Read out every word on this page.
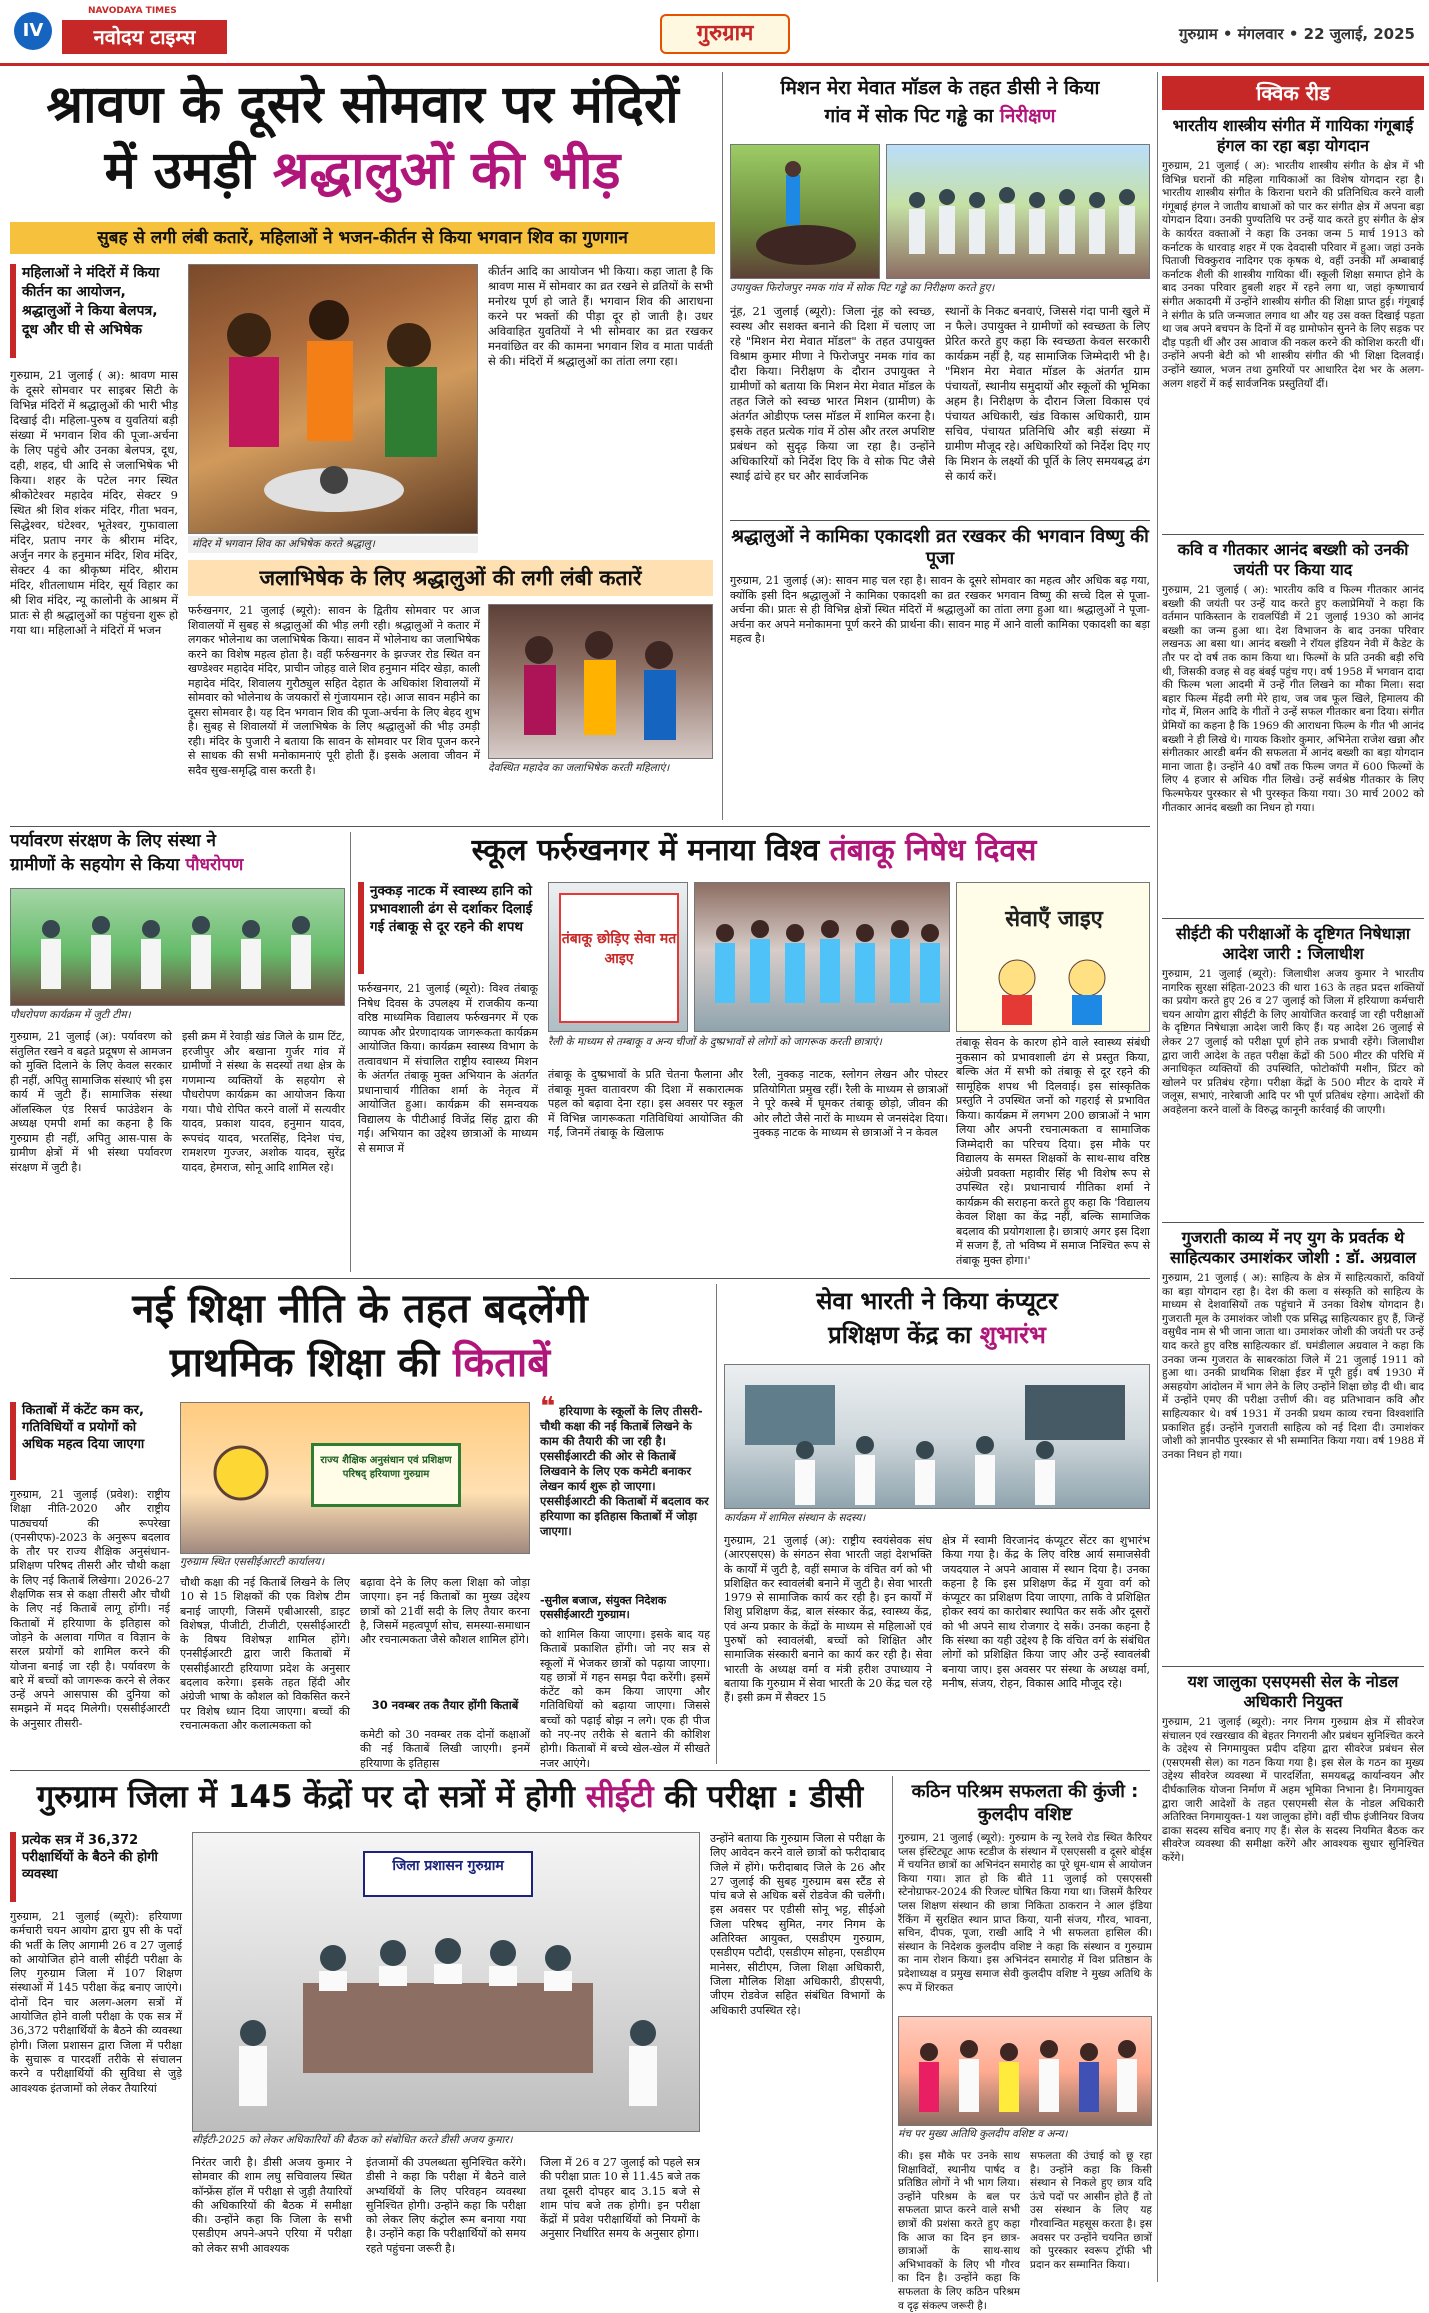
IV
NAVODAYA TIMES
नवोदय टाइम्स	गुरुग्राम	गुरुग्राम • मंगलवार • 22 जुलाई, 2025
श्रावण के दूसरे सोमवार पर मंदिरों
में उमड़ी श्रद्धालुओं की भीड़
सुबह से लगी लंबी कतारें, महिलाओं ने भजन-कीर्तन से किया भगवान शिव का गुणगान
महिलाओं ने मंदिरों में किया कीर्तन का आयोजन, श्रद्धालुओं ने किया बेलपत्र, दूध और घी से अभिषेक
गुरुग्राम, 21 जुलाई ( अ): श्रावण मास के दूसरे सोमवार पर साइबर सिटी के विभिन्न मंदिरों में श्रद्धालुओं की भारी भीड़ दिखाई दी। महिला-पुरुष व युवतियां बड़ी संख्या में भगवान शिव की पूजा-अर्चना के लिए पहुंचे और उनका बेलपत्र, दूध, दही, शहद, घी आदि से जलाभिषेक भी किया। शहर के पटेल नगर स्थित श्रीकोटेश्वर महादेव मंदिर, सेक्टर 9 स्थित श्री शिव शंकर मंदिर, गीता भवन, सिद्धेश्वर, घंटेश्वर, भूतेश्वर, गुफावाला मंदिर, प्रताप नगर के श्रीराम मंदिर, अर्जुन नगर के हनुमान मंदिर, शिव मंदिर, सेक्टर 4 का श्रीकृष्ण मंदिर, श्रीराम मंदिर, शीतलाधाम मंदिर, सूर्य विहार का श्री शिव मंदिर, न्यू कालोनी के आश्रम में प्रातः से ही श्रद्धालुओं का पहुंचना शुरू हो गया था। महिलाओं ने मंदिरों में भजन
मंदिर में भगवान शिव का अभिषेक करते श्रद्धालु।
कीर्तन आदि का आयोजन भी किया। कहा जाता है कि श्रावण मास में सोमवार का व्रत रखने से व्रतियों के सभी मनोरथ पूर्ण हो जाते हैं। भगवान शिव की आराधना करने पर भक्तों की पीड़ा दूर हो जाती है। उधर अविवाहित युवतियों ने भी सोमवार का व्रत रखकर मनवांछित वर की कामना भगवान शिव व माता पार्वती से की। मंदिरों में श्रद्धालुओं का तांता लगा रहा।
जलाभिषेक के लिए श्रद्धालुओं की लगी लंबी कतारें
देवस्थित महादेव का जलाभिषेक करती महिलाएं।
फर्रुखनगर, 21 जुलाई (ब्यूरो): सावन के द्वितीय सोमवार पर आज शिवालयों में सुबह से श्रद्धालुओं की भीड़ लगी रही। श्रद्धालुओं ने कतार में लगकर भोलेनाथ का जलाभिषेक किया। सावन में भोलेनाथ का जलाभिषेक करने का विशेष महत्व होता है। वहीं फर्रुखनगर के झज्जर रोड स्थित वन खण्डेश्वर महादेव मंदिर, प्राचीन जोहड़ वाले शिव हनुमान मंदिर खेड़ा, काली महादेव मंदिर, शिवालय गुरौठ्युल सहित देहात के अधिकांश शिवालयों में सोमवार को भोलेनाथ के जयकारों से गुंजायमान रहे। आज सावन महीने का दूसरा सोमवार है। यह दिन भगवान शिव की पूजा-अर्चना के लिए बेहद शुभ है। सुबह से शिवालयों में जलाभिषेक के लिए श्रद्धालुओं की भीड़ उमड़ी रही। मंदिर के पुजारी ने बताया कि सावन के सोमवार पर शिव पूजन करने से साधक की सभी मनोकामनाएं पूरी होती हैं। इसके अलावा जीवन में सदैव सुख-समृद्धि वास करती है।
मिशन मेरा मेवात मॉडल के तहत डीसी ने किया
गांव में सोक पिट गड्ढे का निरीक्षण
उपायुक्त फिरोजपुर नमक गांव में सोक पिट गड्ढे का निरीक्षण करते हुए।
नूंह, 21 जुलाई (ब्यूरो): जिला नूंह को स्वच्छ, स्वस्थ और सशक्त बनाने की दिशा में चलाए जा रहे "मिशन मेरा मेवात मॉडल" के तहत उपायुक्त विश्राम कुमार मीणा ने फिरोजपुर नमक गांव का दौरा किया। निरीक्षण के दौरान उपायुक्त ने ग्रामीणों को बताया कि मिशन मेरा मेवात मॉडल के तहत जिले को स्वच्छ भारत मिशन (ग्रामीण) के अंतर्गत ओडीएफ प्लस मॉडल में शामिल करना है। इसके तहत प्रत्येक गांव में ठोस और तरल अपशिष्ट प्रबंधन को सुदृढ़ किया जा रहा है। उन्होंने अधिकारियों को निर्देश दिए कि वे सोक पिट जैसे स्थाई ढांचे हर घर और सार्वजनिक
स्थानों के निकट बनवाएं, जिससे गंदा पानी खुले में न फैले। उपायुक्त ने ग्रामीणों को स्वच्छता के लिए प्रेरित करते हुए कहा कि स्वच्छता केवल सरकारी कार्यक्रम नहीं है, यह सामाजिक जिम्मेदारी भी है। "मिशन मेरा मेवात मॉडल के अंतर्गत ग्राम पंचायतों, स्थानीय समुदायों और स्कूलों की भूमिका अहम है। निरीक्षण के दौरान जिला विकास एवं पंचायत अधिकारी, खंड विकास अधिकारी, ग्राम सचिव, पंचायत प्रतिनिधि और बड़ी संख्या में ग्रामीण मौजूद रहे। अधिकारियों को निर्देश दिए गए कि मिशन के लक्ष्यों की पूर्ति के लिए समयबद्ध ढंग से कार्य करें।
श्रद्धालुओं ने कामिका एकादशी व्रत रखकर की भगवान विष्णु की पूजा
गुरुग्राम, 21 जुलाई (अ): सावन माह चल रहा है। सावन के दूसरे सोमवार का महत्व और अधिक बढ़ गया, क्योंकि इसी दिन श्रद्धालुओं ने कामिका एकादशी का व्रत रखकर भगवान विष्णु की सच्चे दिल से पूजा-अर्चना की। प्रातः से ही विभिन्न क्षेत्रों स्थित मंदिरों में श्रद्धालुओं का तांता लगा हुआ था। श्रद्धालुओं ने पूजा-अर्चना कर अपने मनोकामना पूर्ण करने की प्रार्थना की। सावन माह में आने वाली कामिका एकादशी का बड़ा महत्व है।
क्विक रीड
भारतीय शास्त्रीय संगीत में गायिका गंगूबाई हंगल का रहा बड़ा योगदान
गुरुग्राम, 21 जुलाई ( अ): भारतीय शास्त्रीय संगीत के क्षेत्र में भी विभिन्न घरानों की महिला गायिकाओं का विशेष योगदान रहा है। भारतीय शास्त्रीय संगीत के किराना घराने की प्रतिनिधित्व करने वाली गंगूबाई हंगल ने जातीय बाधाओं को पार कर संगीत क्षेत्र में अपना बड़ा योगदान दिया। उनकी पुण्यतिथि पर उन्हें याद करते हुए संगीत के क्षेत्र के कार्यरत वक्ताओं ने कहा कि उनका जन्म 5 मार्च 1913 को कर्नाटक के धारवाड़ शहर में एक देवदासी परिवार में हुआ। जहां उनके पिताजी चिक्कुराव नादिगर एक कृषक थे, वहीं उनकी माँ अम्बाबाई कर्नाटक शैली की शास्त्रीय गायिका थीं। स्कूली शिक्षा समाप्त होने के बाद उनका परिवार हुबली शहर में रहने लगा था, जहां कृष्णाचार्य संगीत अकादमी में उन्होंने शास्त्रीय संगीत की शिक्षा प्राप्त हुई। गंगूबाई ने संगीत के प्रति जन्मजात लगाव था और यह उस वक्त दिखाई पड़ता था जब अपने बचपन के दिनों में वह ग्रामोफोन सुनने के लिए सड़क पर दौड़ पड़ती थीं और उस आवाज की नकल करने की कोशिश करती थीं। उन्होंने अपनी बेटी को भी शास्त्रीय संगीत की भी शिक्षा दिलवाई। उन्होंने ख्याल, भजन तथा ठुमरियों पर आधारित देश भर के अलग-अलग शहरों में कई सार्वजनिक प्रस्तुतियाँ दीं।
कवि व गीतकार आनंद बख्शी को उनकी जयंती पर किया याद
गुरुग्राम, 21 जुलाई ( अ): भारतीय कवि व फिल्म गीतकार आनंद बख्शी की जयंती पर उन्हें याद करते हुए कलाप्रेमियों ने कहा कि वर्तमान पाकिस्तान के रावलपिंडी में 21 जुलाई 1930 को आनंद बख्शी का जन्म हुआ था। देश विभाजन के बाद उनका परिवार लखनऊ आ बसा था। आनंद बख्शी ने रॉयल इंडियन नेवी में कैडेट के तौर पर दो वर्ष तक काम किया था। फिल्मों के प्रति उनकी बड़ी रुचि थी, जिसकी वजह से वह बंबई पहुंच गए। वर्ष 1958 में भगवान दादा की फिल्म भला आदमी में उन्हें गीत लिखने का मौका मिला। सदा बहार फिल्म मेंहदी लगी मेरे हाथ, जब जब फूल खिले, हिमालय की गोद में, मिलन आदि के गीतों ने उन्हें सफल गीतकार बना दिया। संगीत प्रेमियों का कहना है कि 1969 की आराधना फिल्म के गीत भी आनंद बख्शी ने ही लिखे थे। गायक किशोर कुमार, अभिनेता राजेश खन्ना और संगीतकार आरडी बर्मन की सफलता में आनंद बख्शी का बड़ा योगदान माना जाता है। उन्होंने 40 वर्षों तक फिल्म जगत में 600 फिल्मों के लिए 4 हजार से अधिक गीत लिखे। उन्हें सर्वश्रेष्ठ गीतकार के लिए फिल्मफेयर पुरस्कार से भी पुरस्कृत किया गया। 30 मार्च 2002 को गीतकार आनंद बख्शी का निधन हो गया।
सीईटी की परीक्षाओं के दृष्टिगत निषेधाज्ञा आदेश जारी : जिलाधीश
गुरुग्राम, 21 जुलाई (ब्यूरो): जिलाधीश अजय कुमार ने भारतीय नागरिक सुरक्षा संहिता-2023 की धारा 163 के तहत प्रदत्त शक्तियों का प्रयोग करते हुए 26 व 27 जुलाई को जिला में हरियाणा कर्मचारी चयन आयोग द्वारा सीईटी के लिए आयोजित करवाई जा रही परीक्षाओं के दृष्टिगत निषेधाज्ञा आदेश जारी किए हैं। यह आदेश 26 जुलाई से लेकर 27 जुलाई को परीक्षा पूर्ण होने तक प्रभावी रहेंगे। जिलाधीश द्वारा जारी आदेश के तहत परीक्षा केंद्रों की 500 मीटर की परिधि में अनाधिकृत व्यक्तियों की उपस्थिति, फोटोकॉपी मशीन, प्रिंटर को खोलने पर प्रतिबंध रहेगा। परीक्षा केंद्रों के 500 मीटर के दायरे में जलूस, सभाएं, नारेबाजी आदि पर भी पूर्ण प्रतिबंध रहेगा। आदेशों की अवहेलना करने वालों के विरुद्ध कानूनी कार्रवाई की जाएगी।
गुजराती काव्य में नए युग के प्रवर्तक थे साहित्यकार उमाशंकर जोशी : डॉ. अग्रवाल
गुरुग्राम, 21 जुलाई ( अ): साहित्य के क्षेत्र में साहित्यकारों, कवियों का बड़ा योगदान रहा है। देश की कला व संस्कृति को साहित्य के माध्यम से देशवासियों तक पहुंचाने में उनका विशेष योगदान है। गुजराती मूल के उमाशंकर जोशी एक प्रसिद्ध साहित्यकार हुए हैं, जिन्हें वसुधैव नाम से भी जाना जाता था। उमाशंकर जोशी की जयंती पर उन्हें याद करते हुए वरिष्ठ साहित्यकार डॉ. घमंडीलाल अग्रवाल ने कहा कि उनका जन्म गुजरात के साबरकांठा जिले में 21 जुलाई 1911 को हुआ था। उनकी प्राथमिक शिक्षा ईडर में पूरी हुई। वर्ष 1930 में असहयोग आंदोलन में भाग लेने के लिए उन्होंने शिक्षा छोड़ दी थी। बाद में उन्होंने एमए की परीक्षा उत्तीर्ण की। वह प्रतिभावान कवि और साहित्यकार थे। वर्ष 1931 में उनकी प्रथम काव्य रचना विश्वशांति प्रकाशित हुई। उन्होंने गुजराती साहित्य को नई दिशा दी। उमाशंकर जोशी को ज्ञानपीठ पुरस्कार से भी सम्मानित किया गया। वर्ष 1988 में उनका निधन हो गया।
यश जालुका एसएमसी सेल के नोडल अधिकारी नियुक्त
गुरुग्राम, 21 जुलाई (ब्यूरो): नगर निगम गुरुग्राम क्षेत्र में सीवरेज संचालन एवं रखरखाव की बेहतर निगरानी और प्रबंधन सुनिश्चित करने के उद्देश्य से निगमायुक्त प्रदीप दहिया द्वारा सीवरेज प्रबंधन सेल (एसएमसी सेल) का गठन किया गया है। इस सेल के गठन का मुख्य उद्देश्य सीवरेज व्यवस्था में पारदर्शिता, समयबद्ध कार्यान्वयन और दीर्घकालिक योजना निर्माण में अहम भूमिका निभाना है। निगमायुक्त द्वारा जारी आदेशों के तहत एसएमसी सेल के नोडल अधिकारी अतिरिक्त निगमायुक्त-1 यश जालुका होंगे। वहीं चीफ इंजीनियर विजय ढाका सदस्य सचिव बनाए गए हैं। सेल के सदस्य नियमित बैठक कर सीवरेज व्यवस्था की समीक्षा करेंगे और आवश्यक सुधार सुनिश्चित करेंगे।
पर्यावरण संरक्षण के लिए संस्था ने
ग्रामीणों के सहयोग से किया पौधरोपण
पौधरोपण कार्यक्रम में जुटी टीम।
गुरुग्राम, 21 जुलाई (अ): पर्यावरण को संतुलित रखने व बढ़ते प्रदूषण से आमजन को मुक्ति दिलाने के लिए केवल सरकार ही नहीं, अपितु सामाजिक संस्थाएं भी इस कार्य में जुटी हैं। सामाजिक संस्था ऑलस्किल एंड रिसर्च फाउंडेशन के अध्यक्ष एमपी शर्मा का कहना है कि गुरुग्राम ही नहीं, अपितु आस-पास के ग्रामीण क्षेत्रों में भी संस्था पर्यावरण संरक्षण में जुटी है।
इसी क्रम में रेवाड़ी खंड जिले के ग्राम टिंट, हरजीपुर और बखाना गुर्जर गांव में ग्रामीणों ने संस्था के सदस्यों तथा क्षेत्र के गणमान्य व्यक्तियों के सहयोग से पौधरोपण कार्यक्रम का आयोजन किया गया। पौधे रोपित करने वालों में सत्यवीर यादव, प्रकाश यादव, हनुमान यादव, रूपचंद यादव, भरतसिंह, दिनेश पंच, रामशरण गुज्जर, अशोक यादव, सुरेंद्र यादव, हेमराज, सोनू आदि शामिल रहे।
स्कूल फर्रुखनगर में मनाया विश्व तंबाकू निषेध दिवस
नुक्कड़ नाटक में स्वास्थ्य हानि को प्रभावशाली ढंग से दर्शाकर दिलाई गई तंबाकू से दूर रहने की शपथ
फर्रुखनगर, 21 जुलाई (ब्यूरो): विश्व तंबाकू निषेध दिवस के उपलक्ष्य में राजकीय कन्या वरिष्ठ माध्यमिक विद्यालय फर्रुखनगर में एक व्यापक और प्रेरणादायक जागरूकता कार्यक्रम आयोजित किया। कार्यक्रम स्वास्थ्य विभाग के तत्वावधान में संचालित राष्ट्रीय स्वास्थ्य मिशन के अंतर्गत तंबाकू मुक्त अभियान के अंतर्गत प्रधानाचार्य गीतिका शर्मा के नेतृत्व में आयोजित हुआ। कार्यक्रम की समन्वयक विद्यालय के पीटीआई विजेंद्र सिंह द्वारा की गई। अभियान का उद्देश्य छात्राओं के माध्यम से समाज में
तंबाकू छोड़िए सेवा मत आइए
सेवाएँ जाइए
रैली के माध्यम से तम्बाकू व अन्य चीजों के दुष्प्रभावों से लोगों को जागरूक करती छात्राएं।
तंबाकू के दुष्प्रभावों के प्रति चेतना फैलाना और तंबाकू मुक्त वातावरण की दिशा में सकारात्मक पहल को बढ़ावा देना रहा। इस अवसर पर स्कूल में विभिन्न जागरूकता गतिविधियां आयोजित की गईं, जिनमें तंबाकू के खिलाफ
रैली, नुक्कड़ नाटक, स्लोगन लेखन और पोस्टर प्रतियोगिता प्रमुख रहीं। रैली के माध्यम से छात्राओं ने पूरे कस्बे में घूमकर तंबाकू छोड़ो, जीवन की ओर लौटो जैसे नारों के माध्यम से जनसंदेश दिया। नुक्कड़ नाटक के माध्यम से छात्राओं ने न केवल
तंबाकू सेवन के कारण होने वाले स्वास्थ्य संबंधी नुकसान को प्रभावशाली ढंग से प्रस्तुत किया, बल्कि अंत में सभी को तंबाकू से दूर रहने की सामूहिक शपथ भी दिलवाई। इस सांस्कृतिक प्रस्तुति ने उपस्थित जनों को गहराई से प्रभावित किया। कार्यक्रम में लगभग 200 छात्राओं ने भाग लिया और अपनी रचनात्मकता व सामाजिक जिम्मेदारी का परिचय दिया। इस मौके पर विद्यालय के समस्त शिक्षकों के साथ-साथ वरिष्ठ अंग्रेजी प्रवक्ता महावीर सिंह भी विशेष रूप से उपस्थित रहे। प्रधानाचार्य गीतिका शर्मा ने कार्यक्रम की सराहना करते हुए कहा कि 'विद्यालय केवल शिक्षा का केंद्र नहीं, बल्कि सामाजिक बदलाव की प्रयोगशाला है। छात्राएं अगर इस दिशा में सजग हैं, तो भविष्य में समाज निश्चित रूप से तंबाकू मुक्त होगा।'
नई शिक्षा नीति के तहत बदलेंगी
प्राथमिक शिक्षा की किताबें
किताबों में कंटेंट कम कर, गतिविधियों व प्रयोगों को अधिक महत्व दिया जाएगा
गुरुग्राम, 21 जुलाई (प्रवेश): राष्ट्रीय शिक्षा नीति-2020 और राष्ट्रीय पाठ्यचर्या की रूपरेखा (एनसीएफ)-2023 के अनुरूप बदलाव के तौर पर राज्य शैक्षिक अनुसंधान-प्रशिक्षण परिषद तीसरी और चौथी कक्षा के लिए नई किताबें लिखेगा। 2026-27 शैक्षणिक सत्र से कक्षा तीसरी और चौथी के लिए नई किताबें लागू होंगी। नई किताबों में हरियाणा के इतिहास को जोड़ने के अलावा गणित व विज्ञान के सरल प्रयोगों को शामिल करने की योजना बनाई जा रही है। पर्यावरण के बारे में बच्चों को जागरूक करने से लेकर उन्हें अपने आसपास की दुनिया को समझने में मदद मिलेगी। एससीईआरटी के अनुसार तीसरी-
राज्य शैक्षिक अनुसंधान एवं प्रशिक्षण परिषद् हरियाणा गुरुग्राम
गुरुग्राम स्थित एससीईआरटी कार्यालय।
❝ हरियाणा के स्कूलों के लिए तीसरी-चौथी कक्षा की नई किताबें लिखने के काम की तैयारी की जा रही है। एससीईआरटी की ओर से किताबें लिखवाने के लिए एक कमेटी बनाकर लेखन कार्य शुरू हो जाएगा। एससीईआरटी की किताबों में बदलाव कर हरियाणा का इतिहास किताबों में जोड़ा जाएगा।
-सुनील बजाज, संयुक्त निदेशक एससीईआरटी गुरुग्राम।
चौथी कक्षा की नई किताबें लिखने के लिए 10 से 15 शिक्षकों की एक विशेष टीम बनाई जाएगी, जिसमें एबीआरसी, डाइट विशेषज्ञ, पीजीटी, टीजीटी, एससीईआरटी के विषय विशेषज्ञ शामिल होंगे। एनसीईआरटी द्वारा जारी किताबों में एससीईआरटी हरियाणा प्रदेश के अनुसार बदलाव करेगा। इसके तहत हिंदी और अंग्रेजी भाषा के कौशल को विकसित करने पर विशेष ध्यान दिया जाएगा। बच्चों की रचनात्मकता और कलात्मकता को
बढ़ावा देने के लिए कला शिक्षा को जोड़ा जाएगा। इन नई किताबों का मुख्य उद्देश्य छात्रों को 21वीं सदी के लिए तैयार करना है, जिसमें महत्वपूर्ण सोच, समस्या-समाधान और रचनात्मकता जैसे कौशल शामिल होंगे।
30 नवम्बर तक तैयार होंगी किताबें
कमेटी को 30 नवम्बर तक दोनों कक्षाओं की नई किताबें लिखी जाएगी। इनमें हरियाणा के इतिहास
को शामिल किया जाएगा। इसके बाद यह किताबें प्रकाशित होंगी। जो नए सत्र से स्कूलों में भेजकर छात्रों को पढ़ाया जाएगा। यह छात्रों में गहन समझ पैदा करेंगी। इसमें कंटेंट को कम किया जाएगा और गतिविधियों को बढ़ाया जाएगा। जिससे बच्चों को पढ़ाई बोझ न लगे। एक ही पीज को नए-नए तरीके से बताने की कोशिश होगी। किताबों में बच्चे खेल-खेल में सीखते नजर आएंगे।
सेवा भारती ने किया कंप्यूटर
प्रशिक्षण केंद्र का शुभारंभ
कार्यक्रम में शामिल संस्थान के सदस्य।
गुरुग्राम, 21 जुलाई (अ): राष्ट्रीय स्वयंसेवक संघ (आरएसएस) के संगठन सेवा भारती जहां देशभक्ति के कार्यों में जुटी है, वहीं समाज के वंचित वर्ग को भी प्रशिक्षित कर स्वावलंबी बनाने में जुटी है। सेवा भारती 1979 से सामाजिक कार्य कर रही है। इन कार्यों में शिशु प्रशिक्षण केंद्र, बाल संस्कार केंद्र, स्वास्थ्य केंद्र, एवं अन्य प्रकार के केंद्रों के माध्यम से महिलाओं एवं पुरुषों को स्वावलंबी, बच्चों को शिक्षित और सामाजिक संस्कारी बनाने का कार्य कर रही है। सेवा भारती के अध्यक्ष वर्मा व मंत्री हरीश उपाध्याय ने बताया कि गुरुग्राम में सेवा भारती के 20 केंद्र चल रहे हैं। इसी क्रम में सैक्टर 15
क्षेत्र में स्वामी विरजानंद कंप्यूटर सेंटर का शुभारंभ किया गया है। केंद्र के लिए वरिष्ठ आर्य समाजसेवी जयदयाल ने अपने आवास में स्थान दिया है। उनका कहना है कि इस प्रशिक्षण केंद्र में युवा वर्ग को कंप्यूटर का प्रशिक्षण दिया जाएगा, ताकि वे प्रशिक्षित होकर स्वयं का कारोबार स्थापित कर सकें और दूसरों को भी अपने साथ रोजगार दे सकें। उनका कहना है कि संस्था का यही उद्देश्य है कि वंचित वर्ग के संबंधित लोगों को प्रशिक्षित किया जाए और उन्हें स्वावलंबी बनाया जाए। इस अवसर पर संस्था के अध्यक्ष वर्मा, मनीष, संजय, रोहन, विकास आदि मौजूद रहे।
गुरुग्राम जिला में 145 केंद्रों पर दो सत्रों में होगी सीईटी की परीक्षा : डीसी
प्रत्येक सत्र में 36,372 परीक्षार्थियों के बैठने की होगी व्यवस्था
गुरुग्राम, 21 जुलाई (ब्यूरो): हरियाणा कर्मचारी चयन आयोग द्वारा ग्रुप सी के पदों की भर्ती के लिए आगामी 26 व 27 जुलाई को आयोजित होने वाली सीईटी परीक्षा के लिए गुरुग्राम जिला में 107 शिक्षण संस्थाओं में 145 परीक्षा केंद्र बनाए जाएंगे। दोनों दिन चार अलग-अलग सत्रों में आयोजित होने वाली परीक्षा के एक सत्र में 36,372 परीक्षार्थियों के बैठने की व्यवस्था होगी। जिला प्रशासन द्वारा जिला में परीक्षा के सुचारू व पारदर्शी तरीके से संचालन करने व परीक्षार्थियों की सुविधा से जुड़े आवश्यक इंतजामों को लेकर तैयारियां
जिला प्रशासन गुरुग्राम
सीईटी-2025 को लेकर अधिकारियों की बैठक को संबोधित करते डीसी अजय कुमार।
निरंतर जारी है। डीसी अजय कुमार ने सोमवार की शाम लघु सचिवालय स्थित कॉन्फ्रेंस हॉल में परीक्षा से जुड़ी तैयारियों की अधिकारियों की बैठक में समीक्षा की। उन्होंने कहा कि जिला के सभी एसडीएम अपने-अपने एरिया में परीक्षा को लेकर सभी आवश्यक
इंतजामों की उपलब्धता सुनिश्चित करेंगे। डीसी ने कहा कि परीक्षा में बैठने वाले अभ्यर्थियों के लिए परिवहन व्यवस्था सुनिश्चित होगी। उन्होंने कहा कि परीक्षा को लेकर लिए कंट्रोल रूम बनाया गया है। उन्होंने कहा कि परीक्षार्थियों को समय रहते पहुंचना जरूरी है।
जिला में 26 व 27 जुलाई को पहले सत्र की परीक्षा प्रातः 10 से 11.45 बजे तक तथा दूसरी दोपहर बाद 3.15 बजे से शाम पांच बजे तक होगी। इन परीक्षा केंद्रों में प्रवेश परीक्षार्थियों को नियमों के अनुसार निर्धारित समय के अनुसार होगा।
उन्होंने बताया कि गुरुग्राम जिला से परीक्षा के लिए आवेदन करने वाले छात्रों को फरीदाबाद जिले में होंगे। फरीदाबाद जिले के 26 और 27 जुलाई की सुबह गुरुग्राम बस स्टैंड से पांच बजे से अधिक बसें रोडवेज की चलेंगी। इस अवसर पर एडीसी सोनू भट्ट, सीईओ जिला परिषद सुमित, नगर निगम के अतिरिक्त आयुक्त, एसडीएम गुरुग्राम, एसडीएम पटौदी, एसडीएम सोहना, एसडीएम मानेसर, सीटीएम, जिला शिक्षा अधिकारी, जिला मौलिक शिक्षा अधिकारी, डीएसपी, जीएम रोडवेज सहित संबंधित विभागों के अधिकारी उपस्थित रहे।
कठिन परिश्रम सफलता की कुंजी : कुलदीप वशिष्ट
गुरुग्राम, 21 जुलाई (ब्यूरो): गुरुग्राम के न्यू रेलवे रोड स्थित कैरियर प्लस इंस्टिट्यूट आफ स्टडीज के संस्थान में एसएससी व दूसरे बोर्ड्स में चयनित छात्रों का अभिनंदन समारोह का पूरे धूम-धाम से आयोजन किया गया। ज्ञात हो कि बीते 11 जुलाई को एसएससी स्टेनोग्राफर-2024 की रिजल्ट घोषित किया गया था। जिसमें कैरियर प्लस शिक्षण संस्थान की छात्रा निकिता ठाकरान ने आल इंडिया रैंकिंग में सुरक्षित स्थान प्राप्त किया, यानी संजय, गौरव, भावना, सचिन, दीपक, पूजा, राखी आदि ने भी सफलता हासिल की। संस्थान के निदेशक कुलदीप वशिष्ट ने कहा कि संस्थान व गुरुग्राम का नाम रोशन किया। इस अभिनंदन समारोह में विश प्रतिष्ठान के प्रदेशाध्यक्ष व प्रमुख समाज सेवी कुलदीप वशिष्ट ने मुख्य अतिथि के रूप में शिरकत
मंच पर मुख्य अतिथि कुलदीप वशिष्ट व अन्य।
की। इस मौके पर उनके साथ शिक्षाविदों, स्थानीय पार्षद व प्रतिष्ठित लोगों ने भी भाग लिया। उन्होंने परिश्रम के बल पर सफलता प्राप्त करने वाले सभी छात्रों की प्रशंसा करते हुए कहा कि आज का दिन इन छात्र-छात्राओं के साथ-साथ अभिभावकों के लिए भी गौरव का दिन है। उन्होंने कहा कि सफलता के लिए कठिन परिश्रम व दृढ़ संकल्प जरूरी है।
सफलता की उंचाई को छू रहा है। उन्होंने कहा कि किसी संस्थान से निकले हुए छात्र यदि ऊंचे पदों पर आसीन होते हैं तो उस संस्थान के लिए यह गौरवान्वित महसूस करता है। इस अवसर पर उन्होंने चयनित छात्रों को पुरस्कार स्वरूप ट्रॉफी भी प्रदान कर सम्मानित किया।
